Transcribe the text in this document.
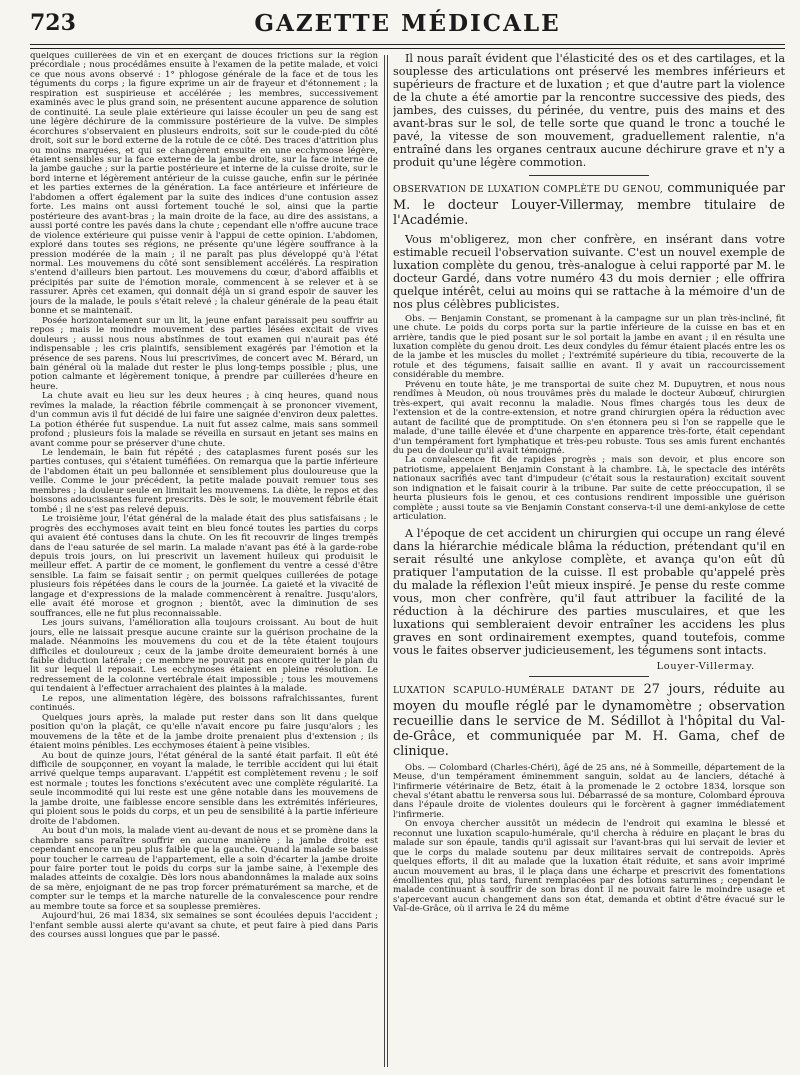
723	GAZETTE MÉDICALE

quelques cuillerées de vin et en exerçant de douces frictions sur la région précordiale ; nous procédâmes ensuite à l'examen de la petite malade, et voici ce que nous avons observé : 1° phlogose générale de la face et de tous les téguments du corps ; la figure exprime un air de frayeur et d'étonnement ; la respiration est suspirieuse et accélérée ; les membres, successivement examinés avec le plus grand soin, ne présentent aucune apparence de solution de continuité. La seule plaie extérieure qui laisse écouler un peu de sang est une légère déchirure de la commissure postérieure de la vulve. De simples écorchures s'observaient en plusieurs endroits, soit sur le coude-pied du côté droit, soit sur le bord externe de la rotule de ce côté. Des traces d'attrition plus ou moins marquées, et qui se changèrent ensuite en une ecchymose légère, étaient sensibles sur la face externe de la jambe droite, sur la face interne de la jambe gauche ; sur la partie postérieure et interne de la cuisse droite, sur le bord interne et légèrement antérieur de la cuisse gauche, enfin sur le périnée et les parties externes de la génération. La face antérieure et inférieure de l'abdomen a offert également par la suite des indices d'une contusion assez forte. Les mains ont aussi fortement touché le sol, ainsi que la partie postérieure des avant-bras ; la main droite de la face, au dire des assistans, a aussi porté contre les pavés dans la chute ; cependant elle n'offre aucune trace de violence extérieure qui puisse venir à l'appui de cette opinion. L'abdomen, exploré dans toutes ses régions, ne présente qu'une légère souffrance à la pression modérée de la main ; il ne paraît pas plus développé qu'à l'état normal. Les mouvemens du côté sont sensiblement accélérés. La respiration s'entend d'ailleurs bien partout. Les mouvemens du cœur, d'abord affaiblis et précipités par suite de l'émotion morale, commencent à se relever et à se rassurer. Après cet examen, qui donnait déjà un si grand espoir de sauver les jours de la malade, le pouls s'était relevé ; la chaleur générale de la peau était bonne et se maintenait.

Posée horizontalement sur un lit, la jeune enfant paraissait peu souffrir au repos ; mais le moindre mouvement des parties lésées excitait de vives douleurs ; aussi nous nous abstînmes de tout examen qui n'aurait pas été indispensable ; les cris plaintifs, sensiblement exagérés par l'émotion et la présence de ses parens. Nous lui prescrivîmes, de concert avec M. Bérard, un bain général où la malade dut rester le plus long-temps possible ; plus, une potion calmante et légèrement tonique, à prendre par cuillerées d'heure en heure.

La chute avait eu lieu sur les deux heures ; à cinq heures, quand nous revîmes la malade, la réaction fébrile commençait à se prononcer vivement, d'un commun avis il fut décidé de lui faire une saignée d'environ deux palettes. La potion éthérée fut suspendue. La nuit fut assez calme, mais sans sommeil profond ; plusieurs fois la malade se réveilla en sursaut en jetant ses mains en avant comme pour se préserver d'une chute.

Le lendemain, le bain fut répété ; des cataplasmes furent posés sur les parties contuses, qui s'étaient tuméfiées. On remarqua que la partie inférieure de l'abdomen était un peu ballonnée et sensiblement plus douloureuse que la veille. Comme le jour précédent, la petite malade pouvait remuer tous ses membres ; la douleur seule en limitait les mouvemens. La diète, le repos et des boissons adoucissantes furent prescrits. Dès le soir, le mouvement fébrile était tombé ; il ne s'est pas relevé depuis.

Le troisième jour, l'état général de la malade était des plus satisfaisans ; le progrès des ecchymoses avait teint en bleu foncé toutes les parties du corps qui avaient été contuses dans la chute. On les fit recouvrir de linges trempés dans de l'eau saturée de sel marin. La malade n'avant pas été à la garde-robe depuis trois jours, on lui prescrivit un lavement huileux qui produisit le meilleur effet. A partir de ce moment, le gonflement du ventre a cessé d'être sensible. La faim se faisait sentir ; on permit quelques cuillerées de potage plusieurs fois répétées dans le cours de la journée. La gaieté et la vivacité de langage et d'expressions de la malade commencèrent à renaître. Jusqu'alors, elle avait été morose et grognon ; bientôt, avec la diminution de ses souffrances, elle ne fut plus reconnaissable.

Les jours suivans, l'amélioration alla toujours croissant. Au bout de huit jours, elle ne laissait presque aucune crainte sur la guérison prochaine de la malade. Néanmoins les mouvemens du cou et de la tête étaient toujours difficiles et douloureux ; ceux de la jambe droite demeuraient bornés à une faible diduction latérale ; ce membre ne pouvait pas encore quitter le plan du lit sur lequel il reposait. Les ecchymoses étaient en pleine résolution. Le redressement de la colonne vertébrale était impossible ; tous les mouvemens qui tendaient à l'effectuer arrachaient des plaintes à la malade.

Le repos, une alimentation légère, des boissons rafraîchissantes, furent continués.

Quelques jours après, la malade put rester dans son lit dans quelque position qu'on la plaçât, ce qu'elle n'avait encore pu faire jusqu'alors ; les mouvemens de la tête et de la jambe droite prenaient plus d'extension ; ils étaient moins pénibles. Les ecchymoses étaient à peine visibles.

Au bout de quinze jours, l'état général de la santé était parfait. Il eût été difficile de soupçonner, en voyant la malade, le terrible accident qui lui était arrivé quelque temps auparavant. L'appétit est complètement revenu ; le soif est normale ; toutes les fonctions s'exécutent avec une complète régularité. La seule incommodité qui lui reste est une gêne notable dans les mouvemens de la jambe droite, une faiblesse encore sensible dans les extrémités inférieures, qui ploient sous le poids du corps, et un peu de sensibilité à la partie inférieure droite de l'abdomen.

Au bout d'un mois, la malade vient au-devant de nous et se promène dans la chambre sans paraître souffrir en aucune manière ; la jambe droite est cependant encore un peu plus faible que la gauche. Quand la malade se baisse pour toucher le carreau de l'appartement, elle a soin d'écarter la jambe droite pour faire porter tout le poids du corps sur la jambe saine, à l'exemple des malades atteints de coxalgie. Dès lors nous abandonnâmes la malade aux soins de sa mère, enjoignant de ne pas trop forcer prématurément sa marche, et de compter sur le temps et la marche naturelle de la convalescence pour rendre au membre toute sa force et sa souplesse premières.

Aujourd'hui, 26 mai 1834, six semaines se sont écoulées depuis l'accident ; l'enfant semble aussi alerte qu'avant sa chute, et peut faire à pied dans Paris des courses aussi longues que par le passé.

Il nous paraît évident que l'élasticité des os et des cartilages, et la souplesse des articulations ont préservé les membres inférieurs et supérieurs de fracture et de luxation ; et que d'autre part la violence de la chute a été amortie par la rencontre successive des pieds, des jambes, des cuisses, du périnée, du ventre, puis des mains et des avant-bras sur le sol, de telle sorte que quand le tronc a touché le pavé, la vitesse de son mouvement, graduellement ralentie, n'a entraîné dans les organes centraux aucune déchirure grave et n'y a produit qu'une légère commotion.

OBSERVATION DE LUXATION COMPLÈTE DU GENOU, communiquée par M. le docteur Louyer-Villermay, membre titulaire de l'Académie.

Vous m'obligerez, mon cher confrère, en insérant dans votre estimable recueil l'observation suivante. C'est un nouvel exemple de luxation complète du genou, très-analogue à celui rapporté par M. le docteur Gardé, dans votre numéro 43 du mois dernier ; elle offrira quelque intérêt, celui au moins qui se rattache à la mémoire d'un de nos plus célèbres publicistes.

Obs. — Benjamin Constant, se promenant à la campagne sur un plan très-incliné, fit une chute. Le poids du corps porta sur la partie inférieure de la cuisse en bas et en arrière, tandis que le pied posant sur le sol portait la jambe en avant ; il en résulta une luxation complète du genou droit. Les deux condyles du fémur étaient placés entre les os de la jambe et les muscles du mollet ; l'extrémité supérieure du tibia, recouverte de la rotule et des tégumens, faisait saillie en avant. Il y avait un raccourcissement considérable du membre.

Prévenu en toute hâte, je me transportai de suite chez M. Dupuytren, et nous nous rendîmes à Meudon, où nous trouvâmes près du malade le docteur Aubœuf, chirurgien très-expert, qui avait reconnu la maladie. Nous fîmes chargés tous les deux de l'extension et de la contre-extension, et notre grand chirurgien opéra la réduction avec autant de facilité que de promptitude. On s'en étonnera peu si l'on se rappelle que le malade, d'une taille élevée et d'une charpente en apparence très-forte, était cependant d'un tempérament fort lymphatique et très-peu robuste. Tous ses amis furent enchantés du peu de douleur qu'il avait témoigné.

La convalescence fit de rapides progrès ; mais son devoir, et plus encore son patriotisme, appelaient Benjamin Constant à la chambre. Là, le spectacle des intérêts nationaux sacrifiés avec tant d'impudeur (c'était sous la restauration) excitait souvent son indignation et le faisait courir à la tribune. Par suite de cette préoccupation, il se heurta plusieurs fois le genou, et ces contusions rendirent impossible une guérison complète ; aussi toute sa vie Benjamin Constant conserva-t-il une demi-ankylose de cette articulation.

A l'époque de cet accident un chirurgien qui occupe un rang élevé dans la hiérarchie médicale blâma la réduction, prétendant qu'il en serait résulté une ankylose complète, et avança qu'on eût dû pratiquer l'amputation de la cuisse. Il est probable qu'appelé près du malade la réflexion l'eût mieux inspiré. Je pense du reste comme vous, mon cher confrère, qu'il faut attribuer la facilité de la réduction à la déchirure des parties musculaires, et que les luxations qui sembleraient devoir entraîner les accidens les plus graves en sont ordinairement exemptes, quand toutefois, comme vous le faites observer judicieusement, les tégumens sont intacts.

Louyer-Villermay.

LUXATION SCAPULO-HUMÉRALE DATANT DE 27 jours, réduite au moyen du moufle réglé par le dynamomètre ; observation recueillie dans le service de M. Sédillot à l'hôpital du Val-de-Grâce, et communiquée par M. H. Gama, chef de clinique.

Obs. — Colombard (Charles-Chéri), âgé de 25 ans, né à Sommeille, département de la Meuse, d'un tempérament éminemment sanguin, soldat au 4e lanciers, détaché à l'infirmerie vétérinaire de Betz, était à la promenade le 2 octobre 1834, lorsque son cheval s'étant abattu le renversa sous lui. Débarrassé de sa monture, Colombard éprouva dans l'épaule droite de violentes douleurs qui le forcèrent à gagner immédiatement l'infirmerie.

On envoya chercher aussitôt un médecin de l'endroit qui examina le blessé et reconnut une luxation scapulo-humérale, qu'il chercha à réduire en plaçant le bras du malade sur son épaule, tandis qu'il agissait sur l'avant-bras qui lui servait de levier et que le corps du malade soutenu par deux militaires servait de contrepoids. Après quelques efforts, il dit au malade que la luxation était réduite, et sans avoir imprimé aucun mouvement au bras, il le plaça dans une écharpe et prescrivit des fomentations émollientes qui, plus tard, furent remplacées par des lotions saturnines ; cependant le malade continuant à souffrir de son bras dont il ne pouvait faire le moindre usage et s'apercevant aucun changement dans son état, demanda et obtint d'être évacué sur le Val-de-Grâce, où il arriva le 24 du même
